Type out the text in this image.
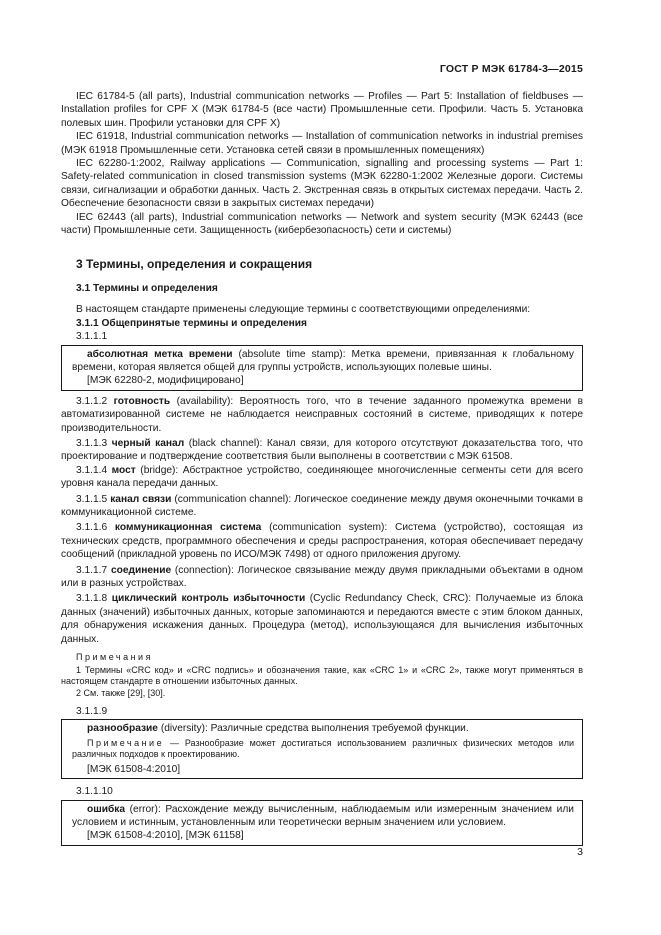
ГОСТ Р МЭК 61784-3—2015

IEC 61784-5 (all parts), Industrial communication networks — Profiles — Part 5: Installation of fieldbuses — Installation profiles for CPF X (МЭК 61784-5 (все части) Промышленные сети. Профили. Часть 5. Установка полевых шин. Профили установки для CPF X)

IEC 61918, Industrial communication networks — Installation of communication networks in industrial premises (МЭК 61918 Промышленные сети. Установка сетей связи в промышленных помещениях)

IEC 62280-1:2002, Railway applications — Communication, signalling and processing systems — Part 1: Safety-related communication in closed transmission systems (МЭК 62280-1:2002 Железные дороги. Системы связи, сигнализации и обработки данных. Часть 2. Экстренная связь в открытых системах передачи. Часть 2. Обеспечение безопасности связи в закрытых системах передачи)

IEC 62443 (all parts), Industrial communication networks — Network and system security (МЭК 62443 (все части) Промышленные сети. Защищенность (кибербезопасность) сети и системы)

3 Термины, определения и сокращения
3.1 Термины и определения

В настоящем стандарте применены следующие термины с соответствующими определениями:

3.1.1 Общепринятые термины и определения

3.1.1.1

абсолютная метка времени (absolute time stamp): Метка времени, привязанная к глобальному времени, которая является общей для группы устройств, использующих полевые шины.

[МЭК 62280-2, модифицировано]

3.1.1.2 готовность (availability): Вероятность того, что в течение заданного промежутка времени в автоматизированной системе не наблюдается неисправных состояний в системе, приводящих к потере производительности.

3.1.1.3 черный канал (black channel): Канал связи, для которого отсутствуют доказательства того, что проектирование и подтверждение соответствия были выполнены в соответствии с МЭК 61508.

3.1.1.4 мост (bridge): Абстрактное устройство, соединяющее многочисленные сегменты сети для всего уровня канала передачи данных.

3.1.1.5 канал связи (communication channel): Логическое соединение между двумя оконечными точками в коммуникационной системе.

3.1.1.6 коммуникационная система (communication system): Система (устройство), состоящая из технических средств, программного обеспечения и среды распространения, которая обеспечивает передачу сообщений (прикладной уровень по ИСО/МЭК 7498) от одного приложения другому.

3.1.1.7 соединение (connection): Логическое связывание между двумя прикладными объектами в одном или в разных устройствах.

3.1.1.8 циклический контроль избыточности (Cyclic Redundancy Check, CRC): Получаемые из блока данных (значений) избыточных данных, которые запоминаются и передаются вместе с этим блоком данных, для обнаружения искажения данных. Процедура (метод), использующаяся для вычисления избыточных данных.

Примечания

1 Термины «CRC код» и «CRC подпись» и обозначения такие, как «CRC 1» и «CRC 2», также могут применяться в настоящем стандарте в отношении избыточных данных.

2 См. также [29], [30].

3.1.1.9

разнообразие (diversity): Различные средства выполнения требуемой функции.

Примечание — Разнообразие может достигаться использованием различных физических методов или различных подходов к проектированию.

[МЭК 61508-4:2010]

3.1.1.10

ошибка (error): Расхождение между вычисленным, наблюдаемым или измеренным значением или условием и истинным, установленным или теоретически верным значением или условием.

[МЭК 61508-4:2010], [МЭК 61158]

3
